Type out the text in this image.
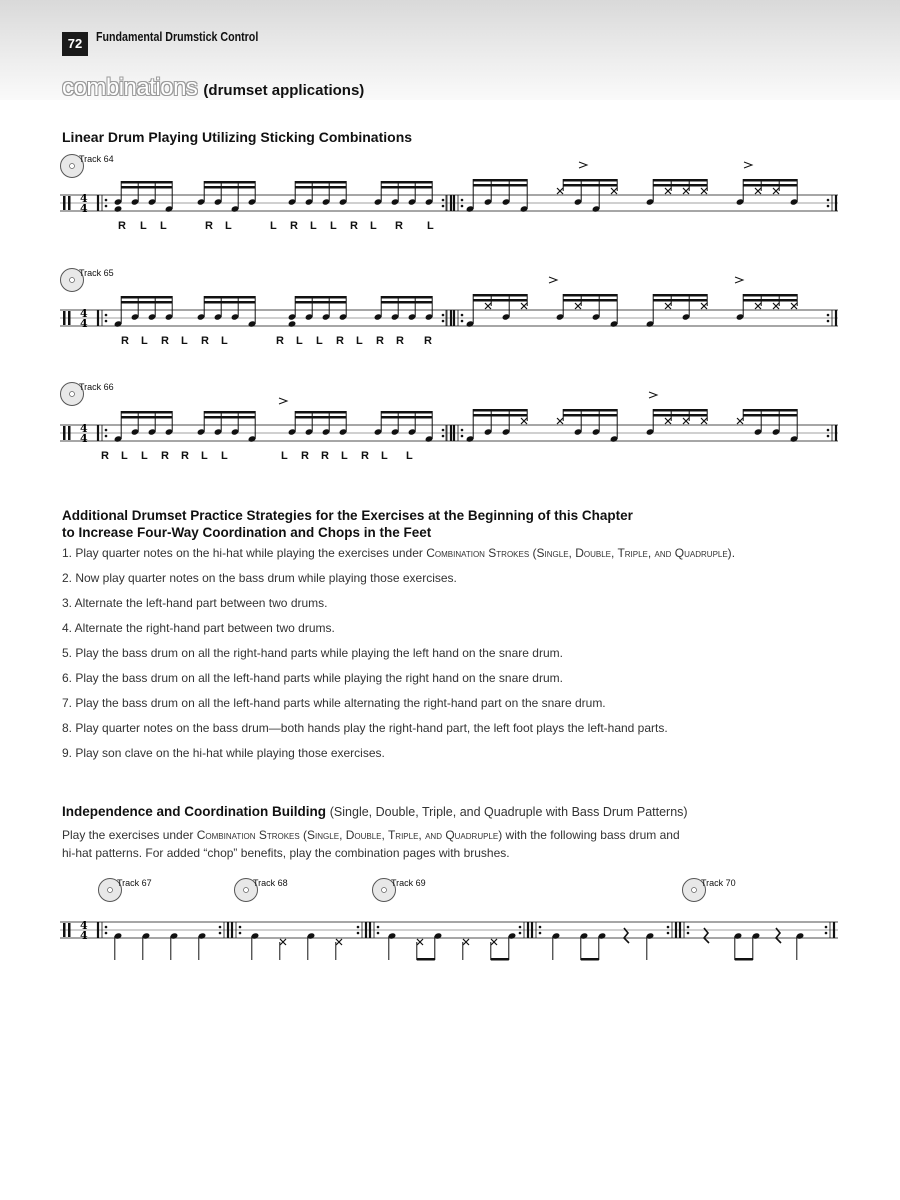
72	Fundamental Drumstick Control
combinations (drumset applications)
Linear Drum Playing Utilizing Sticking Combinations
Track 64
Track 65
Track 66
4
4
4
4
4
4
4
4
R L L	R L	L R L L R L R L
R L R L R L	R L L R L R R R
R L L R R L L	L R R L R L L
Additional Drumset Practice Strategies for the Exercises at the Beginning of this Chapter
to Increase Four-Way Coordination and Chops in the Feet
1. Play quarter notes on the hi-hat while playing the exercises under Combination Strokes (Single, Double, Triple, and Quadruple).
2. Now play quarter notes on the bass drum while playing those exercises.
3. Alternate the left-hand part between two drums.
4. Alternate the right-hand part between two drums.
5. Play the bass drum on all the right-hand parts while playing the left hand on the snare drum.
6. Play the bass drum on all the left-hand parts while playing the right hand on the snare drum.
7. Play the bass drum on all the left-hand parts while alternating the right-hand part on the snare drum.
8. Play quarter notes on the bass drum—both hands play the right-hand part, the left foot plays the left-hand parts.
9. Play son clave on the hi-hat while playing those exercises.
Independence and Coordination Building (Single, Double, Triple, and Quadruple with Bass Drum Patterns)
Play the exercises under Combination Strokes (Single, Double, Triple, and Quadruple) with the following bass drum and
hi-hat patterns. For added “chop” benefits, play the combination pages with brushes.
Track 67	Track 68	Track 69	Track 70
